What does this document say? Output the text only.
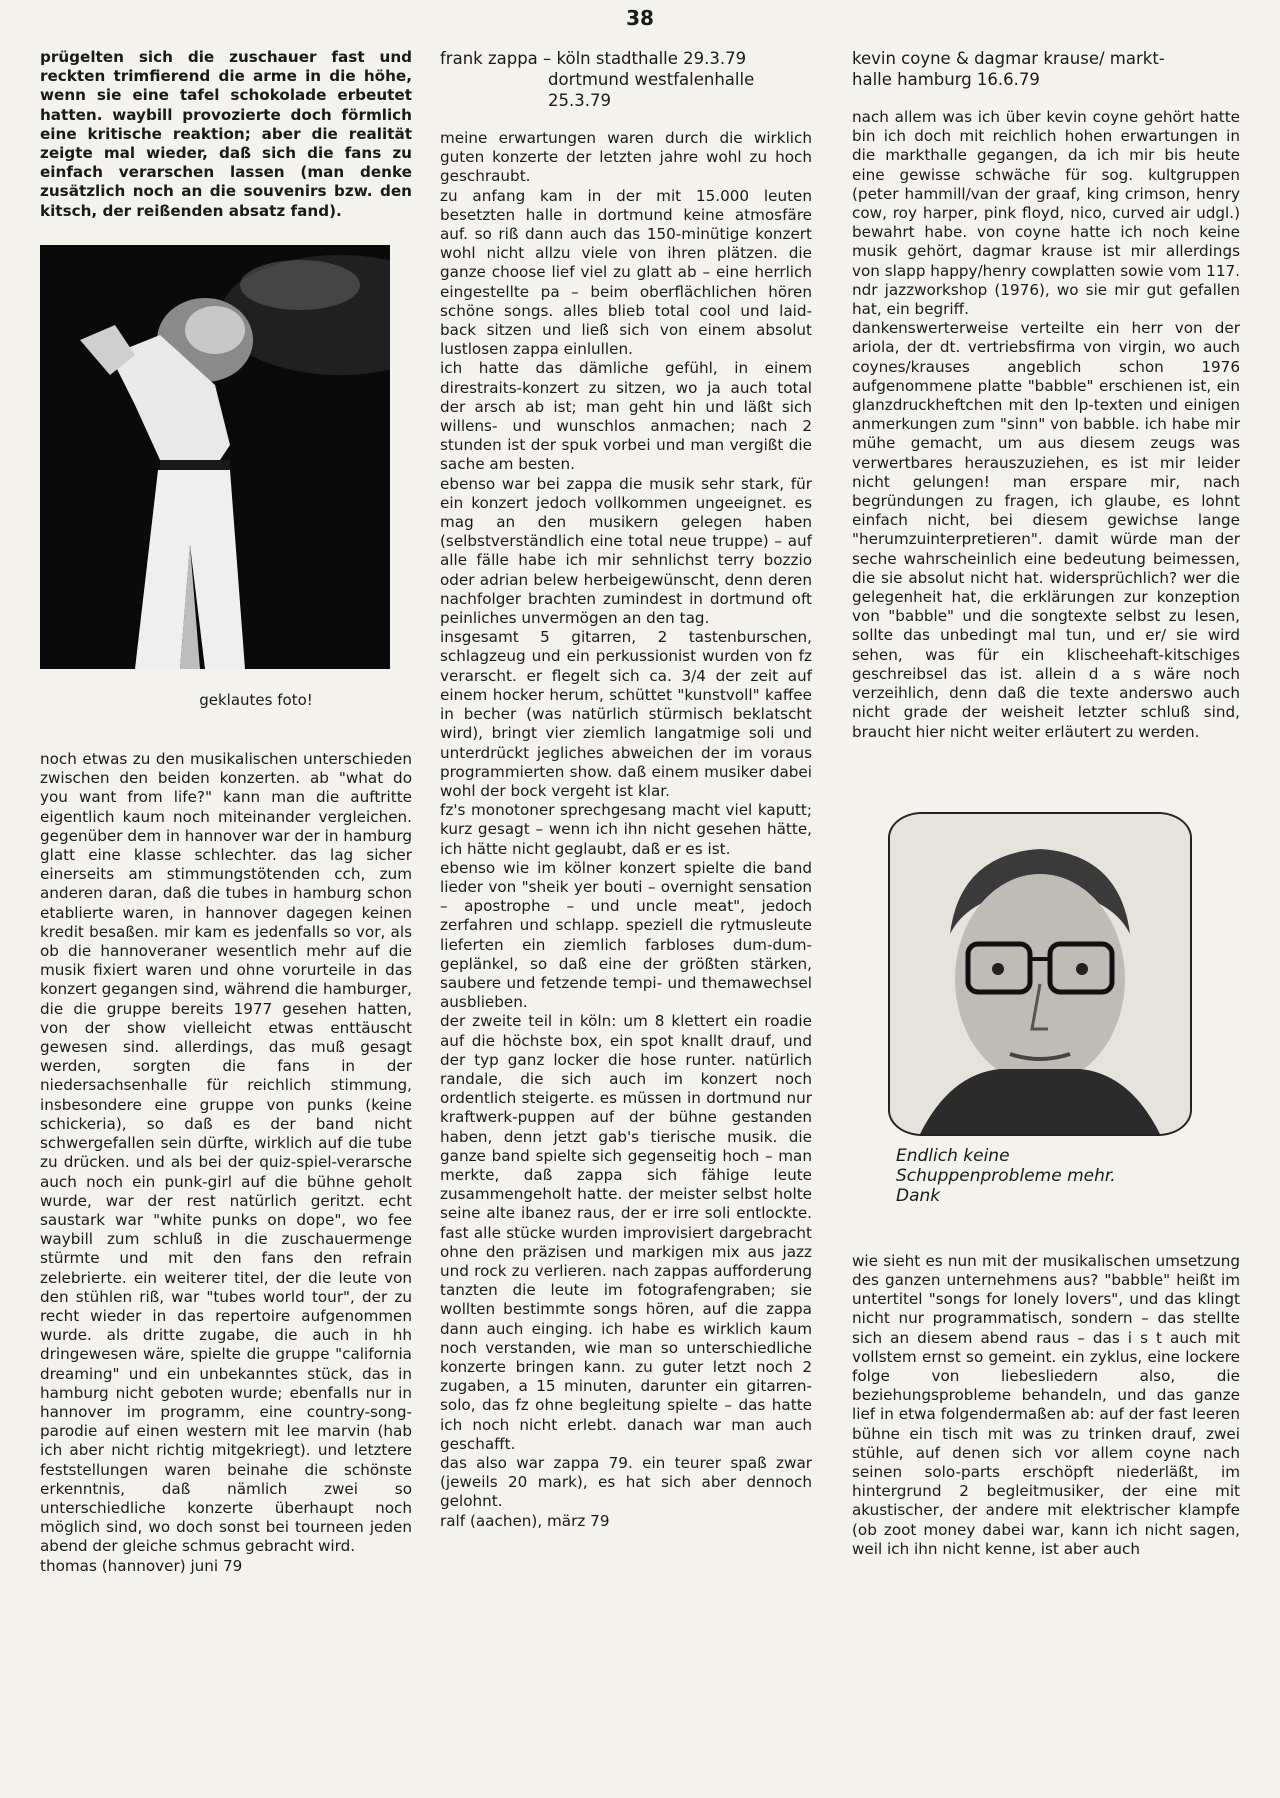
38

prügelten sich die zuschauer fast und reckten trimfierend die arme in die höhe, wenn sie eine tafel schokolade erbeutet hatten. waybill provozierte doch förmlich eine kritische reaktion; aber die realität zeigte mal wieder, daß sich die fans zu einfach verarschen lassen (man denke zusätzlich noch an die souvenirs bzw. den kitsch, der reißenden absatz fand).

geklautes foto!

noch etwas zu den musikalischen unterschieden zwischen den beiden konzerten. ab "what do you want from life?" kann man die auftritte eigentlich kaum noch miteinander vergleichen. gegenüber dem in hannover war der in hamburg glatt eine klasse schlechter. das lag sicher einerseits am stimmungstötenden cch, zum anderen daran, daß die tubes in hamburg schon etablierte waren, in hannover dagegen keinen kredit besaßen. mir kam es jedenfalls so vor, als ob die hannoveraner wesentlich mehr auf die musik fixiert waren und ohne vorurteile in das konzert gegangen sind, während die hamburger, die die gruppe bereits 1977 gesehen hatten, von der show vielleicht etwas enttäuscht gewesen sind. allerdings, das muß gesagt werden, sorgten die fans in der niedersachsenhalle für reichlich stimmung, insbesondere eine gruppe von punks (keine schickeria), so daß es der band nicht schwergefallen sein dürfte, wirklich auf die tube zu drücken. und als bei der quiz-spiel-verarsche auch noch ein punk-girl auf die bühne geholt wurde, war der rest natürlich geritzt. echt saustark war "white punks on dope", wo fee waybill zum schluß in die zuschauermenge stürmte und mit den fans den refrain zelebrierte. ein weiterer titel, der die leute von den stühlen riß, war "tubes world tour", der zu recht wieder in das repertoire aufgenommen wurde. als dritte zugabe, die auch in hh dringewesen wäre, spielte die gruppe "california dreaming" und ein unbekanntes stück, das in hamburg nicht geboten wurde; ebenfalls nur in hannover im programm, eine country-song-parodie auf einen western mit lee marvin (hab ich aber nicht richtig mitgekriegt). und letztere feststellungen waren beinahe die schönste erkenntnis, daß nämlich zwei so unterschiedliche konzerte überhaupt noch möglich sind, wo doch sonst bei tourneen jeden abend der gleiche schmus gebracht wird.

thomas (hannover) juni 79

frank zappa – köln stadthalle 29.3.79
dortmund westfalenhalle 25.3.79

meine erwartungen waren durch die wirklich guten konzerte der letzten jahre wohl zu hoch geschraubt.

zu anfang kam in der mit 15.000 leuten besetzten halle in dortmund keine atmosfäre auf. so riß dann auch das 150-minütige konzert wohl nicht allzu viele von ihren plätzen. die ganze choose lief viel zu glatt ab – eine herrlich eingestellte pa – beim oberflächlichen hören schöne songs. alles blieb total cool und laid-back sitzen und ließ sich von einem absolut lustlosen zappa einlullen.

ich hatte das dämliche gefühl, in einem direstraits-konzert zu sitzen, wo ja auch total der arsch ab ist; man geht hin und läßt sich willens- und wunschlos anmachen; nach 2 stunden ist der spuk vorbei und man vergißt die sache am besten.

ebenso war bei zappa die musik sehr stark, für ein konzert jedoch vollkommen ungeeignet. es mag an den musikern gelegen haben (selbstverständlich eine total neue truppe) – auf alle fälle habe ich mir sehnlichst terry bozzio oder adrian belew herbeigewünscht, denn deren nachfolger brachten zumindest in dortmund oft peinliches unvermögen an den tag.

insgesamt 5 gitarren, 2 tastenburschen, schlagzeug und ein perkussionist wurden von fz verarscht. er flegelt sich ca. 3/4 der zeit auf einem hocker herum, schüttet "kunstvoll" kaffee in becher (was natürlich stürmisch beklatscht wird), bringt vier ziemlich langatmige soli und unterdrückt jegliches abweichen der im voraus programmierten show. daß einem musiker dabei wohl der bock vergeht ist klar.

fz's monotoner sprechgesang macht viel kaputt; kurz gesagt – wenn ich ihn nicht gesehen hätte, ich hätte nicht geglaubt, daß er es ist.

ebenso wie im kölner konzert spielte die band lieder von "sheik yer bouti – overnight sensation – apostrophe – und uncle meat", jedoch zerfahren und schlapp. speziell die rytmusleute lieferten ein ziemlich farbloses dum-dum-geplänkel, so daß eine der größten stärken, saubere und fetzende tempi- und themawechsel ausblieben.

der zweite teil in köln: um 8 klettert ein roadie auf die höchste box, ein spot knallt drauf, und der typ ganz locker die hose runter. natürlich randale, die sich auch im konzert noch ordentlich steigerte. es müssen in dortmund nur kraftwerk-puppen auf der bühne gestanden haben, denn jetzt gab's tierische musik. die ganze band spielte sich gegenseitig hoch – man merkte, daß zappa sich fähige leute zusammengeholt hatte. der meister selbst holte seine alte ibanez raus, der er irre soli entlockte. fast alle stücke wurden improvisiert dargebracht ohne den präzisen und markigen mix aus jazz und rock zu verlieren. nach zappas aufforderung tanzten die leute im fotografengraben; sie wollten bestimmte songs hören, auf die zappa dann auch einging. ich habe es wirklich kaum noch verstanden, wie man so unterschiedliche konzerte bringen kann. zu guter letzt noch 2 zugaben, a 15 minuten, darunter ein gitarren-solo, das fz ohne begleitung spielte – das hatte ich noch nicht erlebt. danach war man auch geschafft.

das also war zappa 79. ein teurer spaß zwar (jeweils 20 mark), es hat sich aber dennoch gelohnt.

ralf (aachen), märz 79

kevin coyne & dagmar krause/ markt-
halle hamburg 16.6.79

nach allem was ich über kevin coyne gehört hatte bin ich doch mit reichlich hohen erwartungen in die markthalle gegangen, da ich mir bis heute eine gewisse schwäche für sog. kultgruppen (peter hammill/van der graaf, king crimson, henry cow, roy harper, pink floyd, nico, curved air udgl.) bewahrt habe. von coyne hatte ich noch keine musik gehört, dagmar krause ist mir allerdings von slapp happy/henry cowplatten sowie vom 117. ndr jazzworkshop (1976), wo sie mir gut gefallen hat, ein begriff.

dankenswerterweise verteilte ein herr von der ariola, der dt. vertriebsfirma von virgin, wo auch coynes/krauses angeblich schon 1976 aufgenommene platte "babble" erschienen ist, ein glanzdruckheftchen mit den lp-texten und einigen anmerkungen zum "sinn" von babble. ich habe mir mühe gemacht, um aus diesem zeugs was verwertbares herauszuziehen, es ist mir leider nicht gelungen! man erspare mir, nach begründungen zu fragen, ich glaube, es lohnt einfach nicht, bei diesem gewichse lange "herumzuinterpretieren". damit würde man der seche wahrscheinlich eine bedeutung beimessen, die sie absolut nicht hat. widersprüchlich? wer die gelegenheit hat, die erklärungen zur konzeption von "babble" und die songtexte selbst zu lesen, sollte das unbedingt mal tun, und er/ sie wird sehen, was für ein klischeehaft-kitschiges geschreibsel das ist. allein d a s wäre noch verzeihlich, denn daß die texte anderswo auch nicht grade der weisheit letzter schluß sind, braucht hier nicht weiter erläutert zu werden.

Endlich keine
Schuppenprobleme mehr.
Dank

wie sieht es nun mit der musikalischen umsetzung des ganzen unternehmens aus? "babble" heißt im untertitel "songs for lonely lovers", und das klingt nicht nur programmatisch, sondern – das stellte sich an diesem abend raus – das i s t auch mit vollstem ernst so gemeint. ein zyklus, eine lockere folge von liebesliedern also, die beziehungsprobleme behandeln, und das ganze lief in etwa folgendermaßen ab: auf der fast leeren bühne ein tisch mit was zu trinken drauf, zwei stühle, auf denen sich vor allem coyne nach seinen solo-parts erschöpft niederläßt, im hintergrund 2 begleitmusiker, der eine mit akustischer, der andere mit elektrischer klampfe (ob zoot money dabei war, kann ich nicht sagen, weil ich ihn nicht kenne, ist aber auch
